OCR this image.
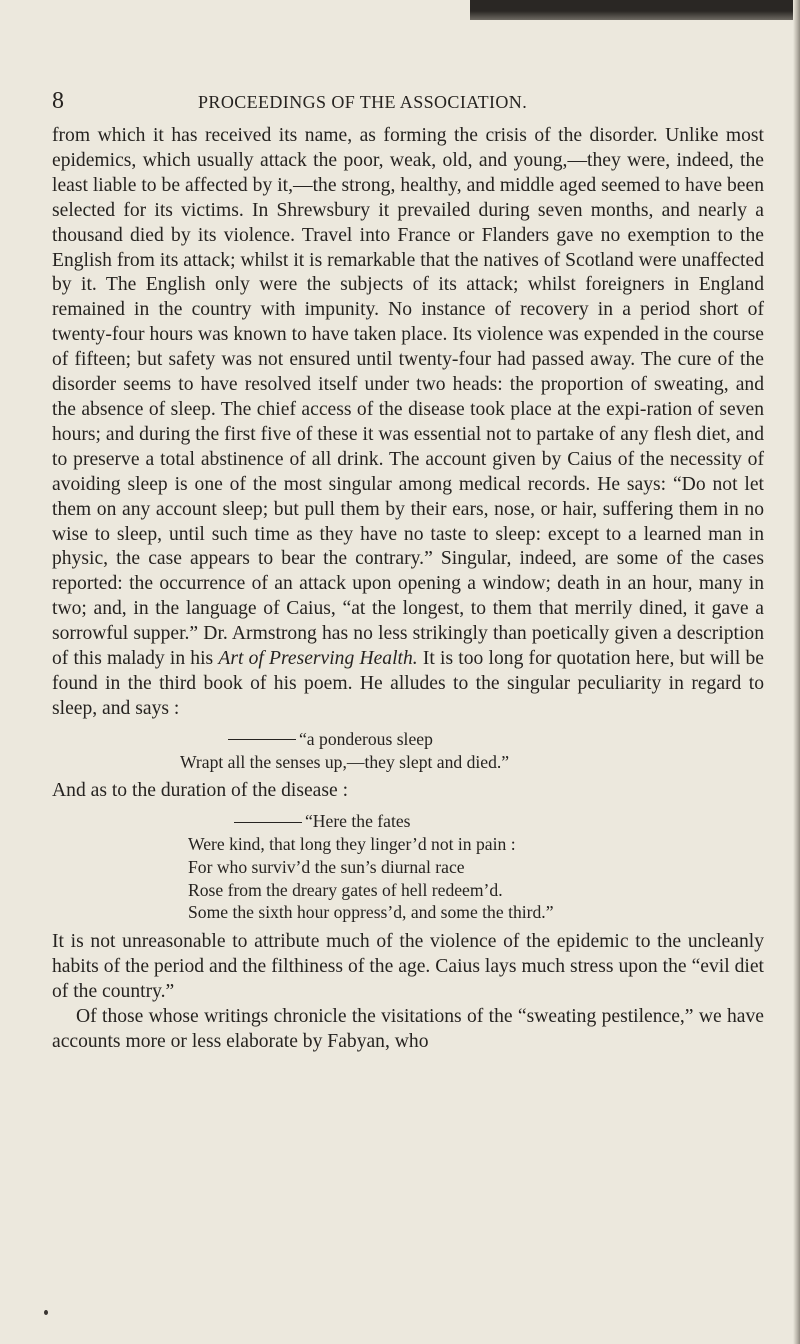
8	PROCEEDINGS OF THE ASSOCIATION.

from which it has received its name, as forming the crisis of the disorder. Unlike most epidemics, which usually attack the poor, weak, old, and young,—they were, indeed, the least liable to be affected by it,—the strong, healthy, and middle aged seemed to have been selected for its victims. In Shrewsbury it prevailed during seven months, and nearly a thousand died by its violence. Travel into France or Flanders gave no exemption to the English from its attack; whilst it is remarkable that the natives of Scotland were unaffected by it. The English only were the subjects of its attack; whilst foreigners in England remained in the country with impunity. No instance of recovery in a period short of twenty-four hours was known to have taken place. Its violence was expended in the course of fifteen; but safety was not ensured until twenty-four had passed away. The cure of the disorder seems to have resolved itself under two heads: the proportion of sweating, and the absence of sleep. The chief access of the disease took place at the expi-ration of seven hours; and during the first five of these it was essential not to partake of any flesh diet, and to preserve a total abstinence of all drink. The account given by Caius of the necessity of avoiding sleep is one of the most singular among medical records. He says: “Do not let them on any account sleep; but pull them by their ears, nose, or hair, suffering them in no wise to sleep, until such time as they have no taste to sleep: except to a learned man in physic, the case appears to bear the contrary.” Singular, indeed, are some of the cases reported: the occurrence of an attack upon opening a window; death in an hour, many in two; and, in the language of Caius, “at the longest, to them that merrily dined, it gave a sorrowful supper.” Dr. Armstrong has no less strikingly than poetically given a description of this malady in his Art of Preserving Health. It is too long for quotation here, but will be found in the third book of his poem. He alludes to the singular peculiarity in regard to sleep, and says :

“a ponderous sleep
Wrapt all the senses up,—they slept and died.”

And as to the duration of the disease :

“Here the fates
Were kind, that long they linger’d not in pain :
For who surviv’d the sun’s diurnal race
Rose from the dreary gates of hell redeem’d.
Some the sixth hour oppress’d, and some the third.”

It is not unreasonable to attribute much of the violence of the epidemic to the uncleanly habits of the period and the filthiness of the age. Caius lays much stress upon the “evil diet of the country.”

Of those whose writings chronicle the visitations of the “sweating pestilence,” we have accounts more or less elaborate by Fabyan, who
